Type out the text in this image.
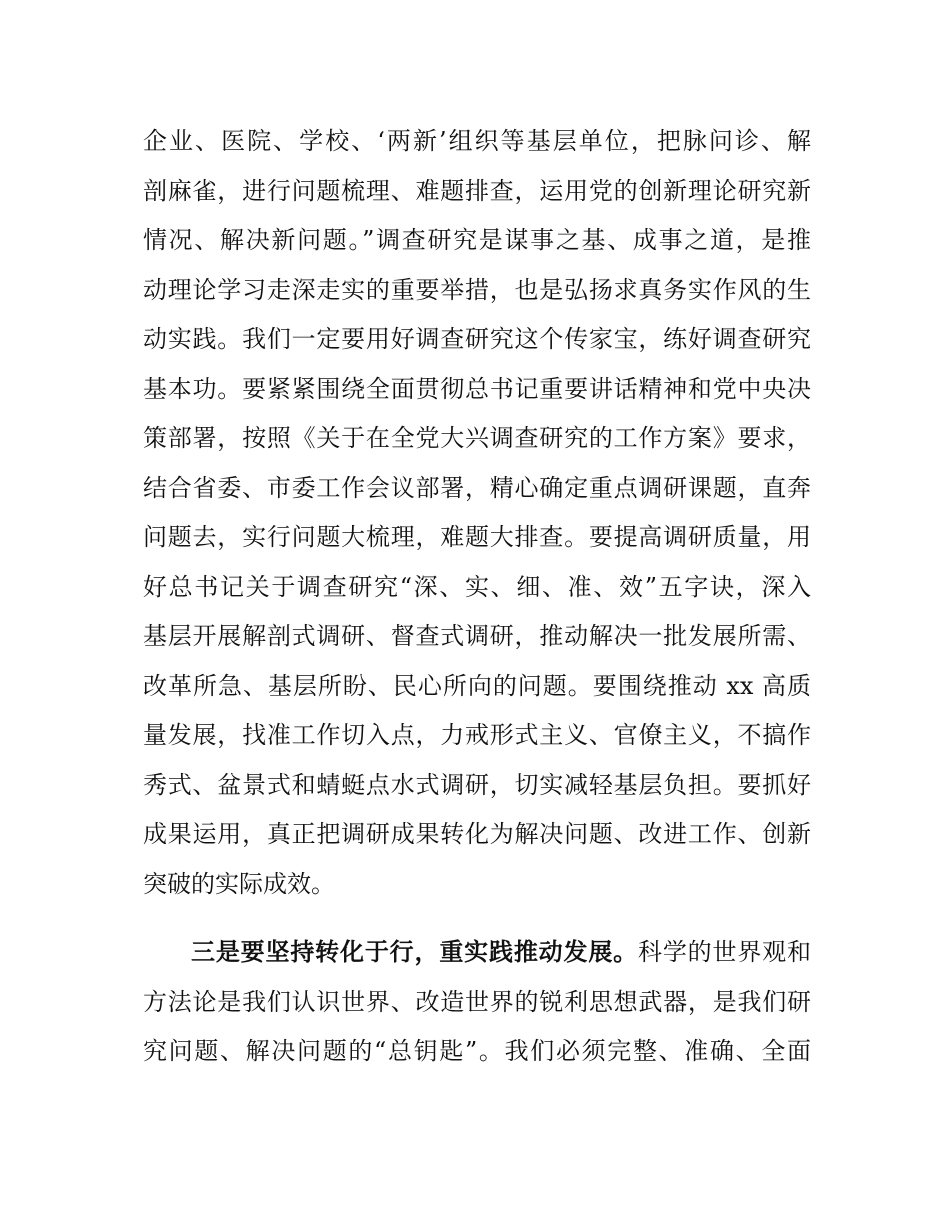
企业、医院、学校、‘两新’组织等基层单位，把脉问诊、解
剖麻雀，进行问题梳理、难题排查，运用党的创新理论研究新
情况、解决新问题。”调查研究是谋事之基、成事之道，是推
动理论学习走深走实的重要举措，也是弘扬求真务实作风的生
动实践。我们一定要用好调查研究这个传家宝，练好调查研究
基本功。要紧紧围绕全面贯彻总书记重要讲话精神和党中央决
策部署，按照《关于在全党大兴调查研究的工作方案》要求，
结合省委、市委工作会议部署，精心确定重点调研课题，直奔
问题去，实行问题大梳理，难题大排查。要提高调研质量，用
好总书记关于调查研究“深、实、细、准、效”五字诀，深入
基层开展解剖式调研、督查式调研，推动解决一批发展所需、
改革所急、基层所盼、民心所向的问题。要围绕推动 xx 高质
量发展，找准工作切入点，力戒形式主义、官僚主义，不搞作
秀式、盆景式和蜻蜓点水式调研，切实减轻基层负担。要抓好
成果运用，真正把调研成果转化为解决问题、改进工作、创新
突破的实际成效。
三是要坚持转化于行，重实践推动发展。科学的世界观和
方法论是我们认识世界、改造世界的锐利思想武器，是我们研
究问题、解决问题的“总钥匙”。我们必须完整、准确、全面
